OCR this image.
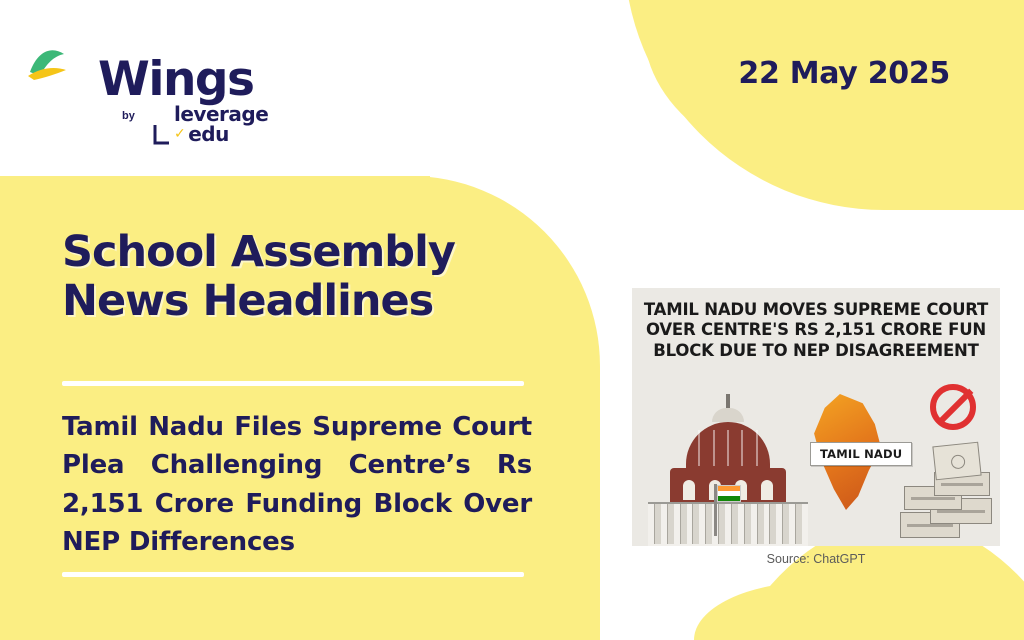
Wings
by	leverage
✓ edu
22 May 2025
School Assembly
News Headlines
Tamil Nadu Files Supreme Court Plea Challenging Centre’s Rs 2,151 Crore Funding Block Over NEP Differences
TAMIL NADU MOVES SUPREME COURT OVER CENTRE'S RS 2,151 CRORE FUN BLOCK DUE TO NEP DISAGREEMENT
TAMIL NADU
Source: ChatGPT
